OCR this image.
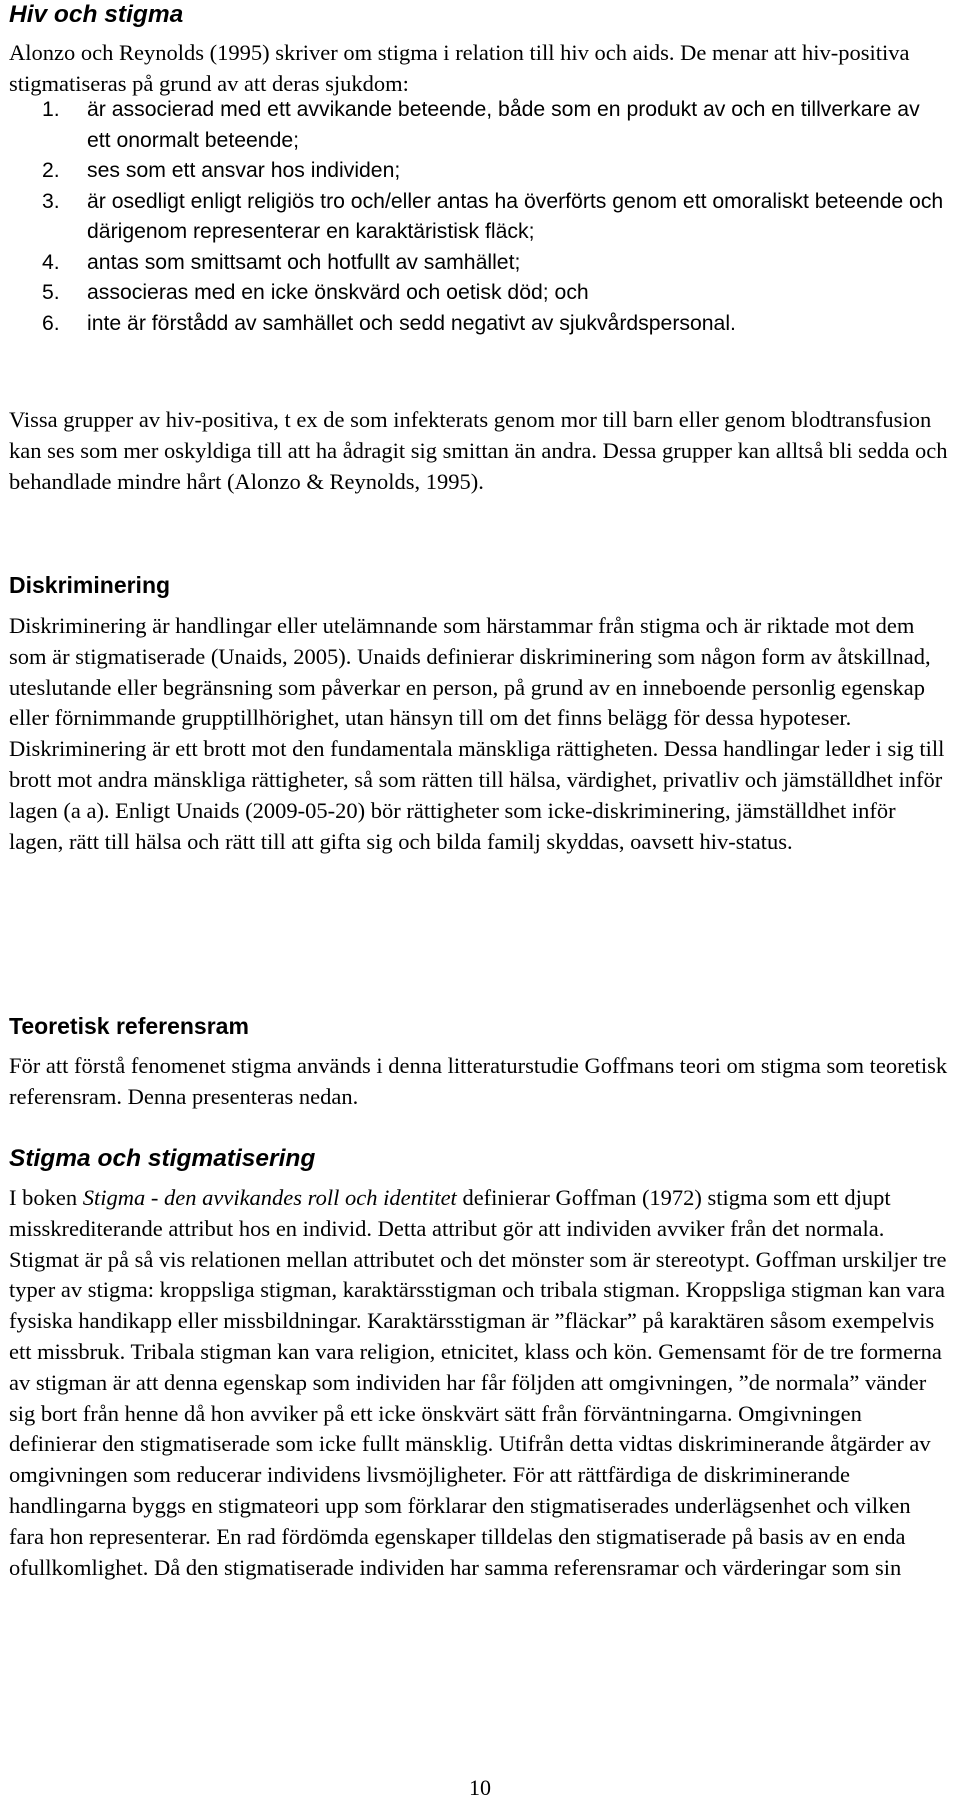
Hiv och stigma

Alonzo och Reynolds (1995) skriver om stigma i relation till hiv och aids. De menar att hiv-positiva stigmatiseras på grund av att deras sjukdom:

1. är associerad med ett avvikande beteende, både som en produkt av och en tillverkare av ett onormalt beteende;
2. ses som ett ansvar hos individen;
3. är osedligt enligt religiös tro och/eller antas ha överförts genom ett omoraliskt beteende och därigenom representerar en karaktäristisk fläck;
4. antas som smittsamt och hotfullt av samhället;
5. associeras med en icke önskvärd och oetisk död; och
6. inte är förstådd av samhället och sedd negativt av sjukvårdspersonal.

Vissa grupper av hiv-positiva, t ex de som infekterats genom mor till barn eller genom blodtransfusion kan ses som mer oskyldiga till att ha ådragit sig smittan än andra. Dessa grupper kan alltså bli sedda och behandlade mindre hårt (Alonzo & Reynolds, 1995).

Diskriminering

Diskriminering är handlingar eller utelämnande som härstammar från stigma och är riktade mot dem som är stigmatiserade (Unaids, 2005). Unaids definierar diskriminering som någon form av åtskillnad, uteslutande eller begränsning som påverkar en person, på grund av en inneboende personlig egenskap eller förnimmande grupptillhörighet, utan hänsyn till om det finns belägg för dessa hypoteser. Diskriminering är ett brott mot den fundamentala mänskliga rättigheten. Dessa handlingar leder i sig till brott mot andra mänskliga rättigheter, så som rätten till hälsa, värdighet, privatliv och jämställdhet inför lagen (a a). Enligt Unaids (2009-05-20) bör rättigheter som icke-diskriminering, jämställdhet inför lagen, rätt till hälsa och rätt till att gifta sig och bilda familj skyddas, oavsett hiv-status.

Teoretisk referensram

För att förstå fenomenet stigma används i denna litteraturstudie Goffmans teori om stigma som teoretisk referensram. Denna presenteras nedan.

Stigma och stigmatisering

I boken Stigma - den avvikandes roll och identitet definierar Goffman (1972) stigma som ett djupt misskrediterande attribut hos en individ. Detta attribut gör att individen avviker från det normala. Stigmat är på så vis relationen mellan attributet och det mönster som är stereotypt. Goffman urskiljer tre typer av stigma: kroppsliga stigman, karaktärsstigman och tribala stigman. Kroppsliga stigman kan vara fysiska handikapp eller missbildningar. Karaktärsstigman är ”fläckar” på karaktären såsom exempelvis ett missbruk. Tribala stigman kan vara religion, etnicitet, klass och kön. Gemensamt för de tre formerna av stigman är att denna egenskap som individen har får följden att omgivningen, ”de normala” vänder sig bort från henne då hon avviker på ett icke önskvärt sätt från förväntningarna. Omgivningen definierar den stigmatiserade som icke fullt mänsklig. Utifrån detta vidtas diskriminerande åtgärder av omgivningen som reducerar individens livsmöjligheter. För att rättfärdiga de diskriminerande handlingarna byggs en stigmateori upp som förklarar den stigmatiserades underlägsenhet och vilken fara hon representerar. En rad fördömda egenskaper tilldelas den stigmatiserade på basis av en enda ofullkomlighet. Då den stigmatiserade individen har samma referensramar och värderingar som sin

10
